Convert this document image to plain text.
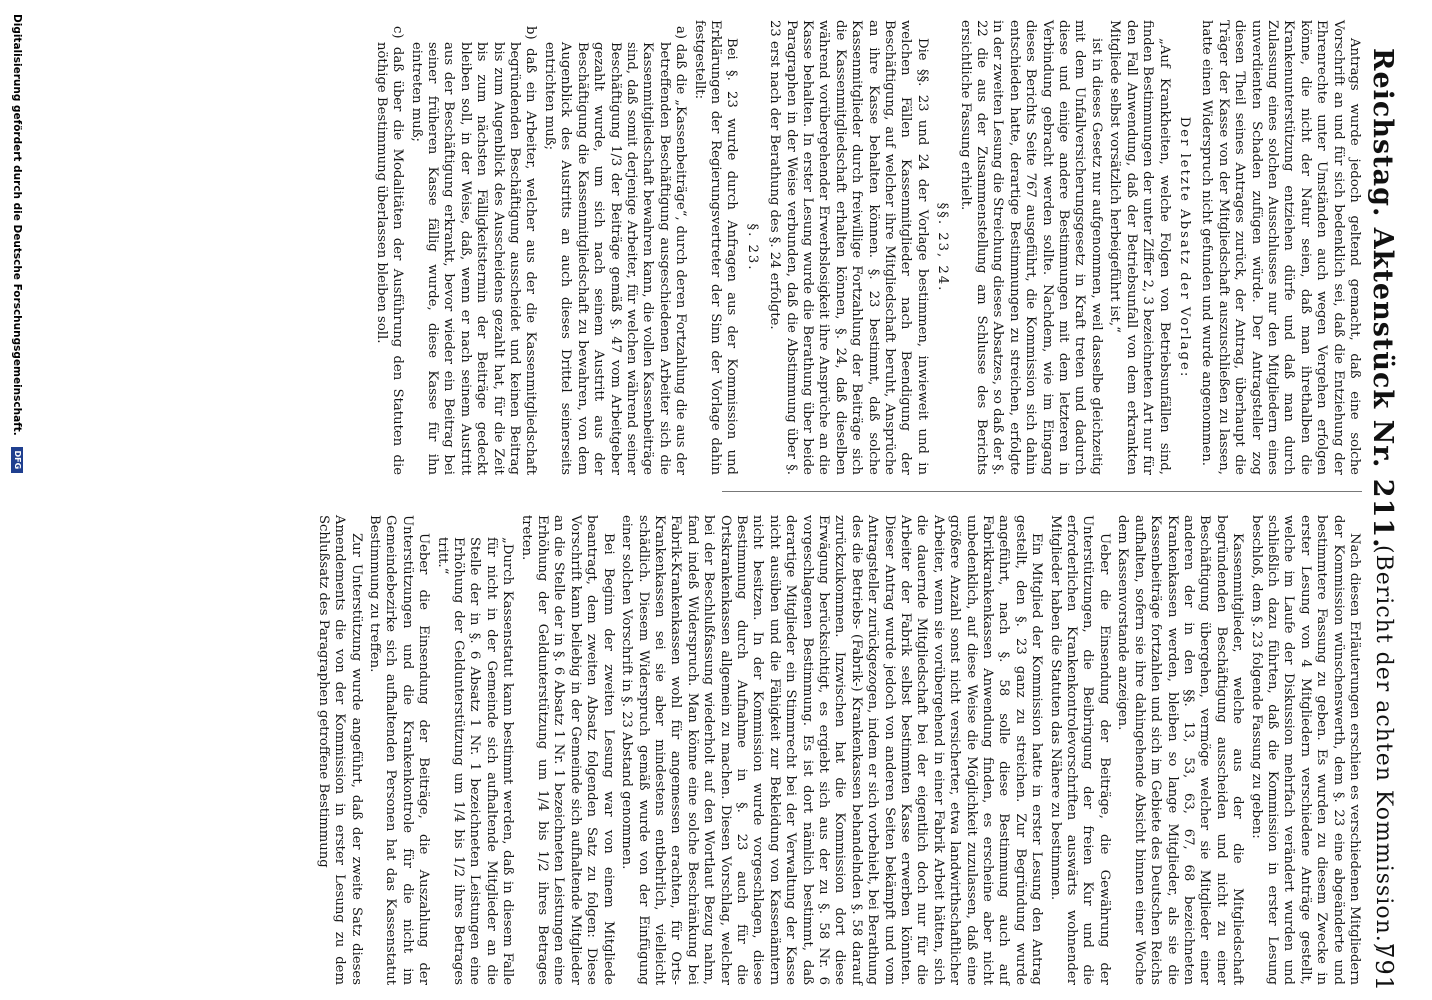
Reichstag. Aktenstück Nr. 211.
(Bericht der achten Kommission.)
791

Antrags wurde jedoch geltend gemacht, daß eine solche Vorschrift an und für sich bedenklich sei, daß die Entziehung der Ehrenrechte unter Umständen auch wegen Vergehen erfolgen könne, die nicht der Natur seien, daß man ihrethalben die Krankenunterstützung entziehen dürfe und daß man durch Zulassung eines solchen Ausschlusses nur den Mitgliedern eines unverdienten Schaden zufügen würde. Der Antragsteller zog diesen Theil seines Antrages zurück, der Antrag, überhaupt die Träger der Kasse von der Mitgliedschaft auszuschließen zu lassen, hatte einen Widerspruch nicht gefunden und wurde angenommen.

Der letzte Absatz der Vorlage:

„Auf Krankheiten, welche Folgen von Betriebsunfällen sind, finden Bestimmungen der unter Ziffer 2, 3 bezeichneten Art nur für den Fall Anwendung, daß der Betriebsunfall von dem erkrankten Mitgliede selbst vorsätzlich herbeigeführt ist,“

ist in dieses Gesetz nur aufgenommen, weil dasselbe gleichzeitig mit dem Unfallversicherungsgesetz in Kraft treten und dadurch diese und einige andere Bestimmungen mit dem letzteren in Verbindung gebracht werden sollte. Nachdem, wie im Eingang dieses Berichts Seite 767 ausgeführt, die Kommission sich dahin entschieden hatte, derartige Bestimmungen zu streichen, erfolgte in der zweiten Lesung die Streichung dieses Absatzes, so daß der §. 22 die aus der Zusammenstellung am Schlusse des Berichts ersichtliche Fassung erhielt.

§§. 23, 24.

Die §§. 23 und 24 der Vorlage bestimmen, inwieweit und in welchen Fällen Kassenmitglieder nach Beendigung der Beschäftigung, auf welcher ihre Mitgliedschaft beruht, Ansprüche an ihre Kasse behalten können. §. 23 bestimmt, daß solche Kassenmitglieder durch freiwillige Fortzahlung der Beiträge sich die Kassenmitgliedschaft erhalten können, §. 24, daß dieselben während vorübergehender Erwerbslosigkeit ihre Ansprüche an die Kasse behalten. In erster Lesung wurde die Berathung über beide Paragraphen in der Weise verbunden, daß die Abstimmung über §. 23 erst nach der Berathung des §. 24 erfolgte.

§. 23.

Bei §. 23 wurde durch Anfragen aus der Kommission und Erklärungen der Regierungsvertreter der Sinn der Vorlage dahin festgestellt:

a) daß die „Kassenbeiträge“, durch deren Fortzahlung die aus der betreffenden Beschäftigung ausgeschiedenen Arbeiter sich die Kassenmitgliedschaft bewahren kann, die vollen Kassenbeiträge sind, daß somit derjenige Arbeiter, für welchen während seiner Beschäftigung 1/3 der Beiträge gemäß §. 47 vom Arbeitgeber gezahlt wurde, um sich nach seinem Austritt aus der Beschäftigung die Kassenmitgliedschaft zu bewahren, von dem Augenblick des Austritts an auch dieses Drittel seinerseits entrichten muß;

b) daß ein Arbeiter, welcher aus der die Kassenmitgliedschaft begründenden Beschäftigung ausscheidet und keinen Beitrag bis zum Augenblick des Ausscheidens gezahlt hat, für die Zeit bis zum nächsten Fälligkeitstermin der Beiträge gedeckt bleiben soll, in der Weise, daß, wenn er nach seinem Austritt aus der Beschäftigung erkrankt, bevor wieder ein Beitrag bei seiner früheren Kasse fällig wurde, diese Kasse für ihn eintreten muß;

c) daß über die Modalitäten der Ausführung den Statuten die nöthige Bestimmung überlassen bleiben soll.

Nach diesen Erläuterungen erschien es verschiedenen Mitgliedern der Kommission wünschenswerth, dem §. 23 eine abgeänderte und bestimmtere Fassung zu geben. Es wurden zu diesem Zwecke in erster Lesung von 4 Mitgliedern verschiedene Anträge gestellt, welche im Laufe der Diskussion mehrfach verändert wurden und schließlich dazu führten, daß die Kommission in erster Lesung beschloß, dem §. 23 folgende Fassung zu geben:

Kassenmitglieder, welche aus der die Mitgliedschaft begründenden Beschäftigung ausscheiden und nicht zu einer Beschäftigung übergehen, vermöge welcher sie Mitglieder einer anderen der in den §§. 13, 53, 63, 67, 68 bezeichneten Krankenkassen werden, bleiben so lange Mitglieder, als sie die Kassenbeiträge fortzahlen und sich im Gebiete des Deutschen Reichs aufhalten, sofern sie ihre dahingehende Absicht binnen einer Woche dem Kassenvorstande anzeigen.

Ueber die Einsendung der Beiträge, die Gewährung der Unterstützungen, die Beibringung der freien Kur und die erforderlichen Krankenkontrolevorschriften auswärts wohnender Mitglieder haben die Statuten das Nähere zu bestimmen.

Ein Mitglied der Kommission hatte in erster Lesung den Antrag gestellt, den §. 23 ganz zu streichen. Zur Begründung wurde angeführt, nach §. 58 solle diese Bestimmung auch auf Fabrikkrankenkassen Anwendung finden, es erscheine aber nicht unbedenklich, auf diese Weise die Möglichkeit zuzulassen, daß eine größere Anzahl sonst nicht versicherter, etwa landwirthschaftlicher Arbeiter, wenn sie vorübergehend in einer Fabrik Arbeit hätten, sich die dauernde Mitgliedschaft bei der eigentlich doch nur für die Arbeiter der Fabrik selbst bestimmten Kasse erwerben könnten. Dieser Antrag wurde jedoch von anderen Seiten bekämpft und vom Antragsteller zurückgezogen, indem er sich vorbehielt, bei Berathung des die Betriebs- (Fabrik-) Krankenkassen behandelnden §. 58 darauf zurückzukommen. Inzwischen hat die Kommission dort diese Erwägung berücksichtigt, es ergiebt sich aus der zu §. 58 Nr. 6 vorgeschlagenen Bestimmung. Es ist dort nämlich bestimmt, daß derartige Mitglieder ein Stimmrecht bei der Verwaltung der Kasse nicht ausüben und die Fähigkeit zur Bekleidung von Kassenämtern nicht besitzen. In der Kommission wurde vorgeschlagen, diese Bestimmung durch Aufnahme in §. 23 auch für die Ortskrankenkassen allgemein zu machen. Diesen Vorschlag, welcher bei der Beschlußfassung wiederholt auf den Wortlaut Bezug nahm, fand indeß Widerspruch. Man könne eine solche Beschränkung bei Fabrik-Krankenkassen wohl für angemessen erachten, für Orts-Krankenkassen sei sie aber mindestens entbehrlich, vielleicht schädlich. Diesem Widerspruch gemäß wurde von der Einfügung einer solchen Vorschrift in §. 23 Abstand genommen.

Bei Beginn der zweiten Lesung war von einem Mitgliede beantragt, dem zweiten Absatz folgenden Satz zu folgen: Diese Vorschrift kann beliebig in der Gemeinde sich aufhaltende Mitglieder an die Stelle der in §. 6 Absatz 1 Nr. 1 bezeichneten Leistungen eine Erhöhung der Geldunterstützung um 1/4 bis 1/2 ihres Betrages treten.

„Durch Kassenstatut kann bestimmt werden, daß in diesem Falle für nicht in der Gemeinde sich aufhaltende Mitglieder an die Stelle der in §. 6 Absatz 1 Nr. 1 bezeichneten Leistungen eine Erhöhung der Geldunterstützung um 1/4 bis 1/2 ihres Betrages tritt.“

Ueber die Einsendung der Beiträge, die Auszahlung der Unterstützungen und die Krankenkontrole für die nicht im Gemeindebezirke sich aufhaltenden Personen hat das Kassenstatut Bestimmung zu treffen.

Zur Unterstützung wurde angeführt, daß der zweite Satz dieses Amendements die von der Kommission in erster Lesung zu dem Schlußsatz des Paragraphen getroffene Bestimmung

Digitalisierung gefördert durch die Deutsche Forschungsgemeinschaft. DFG
